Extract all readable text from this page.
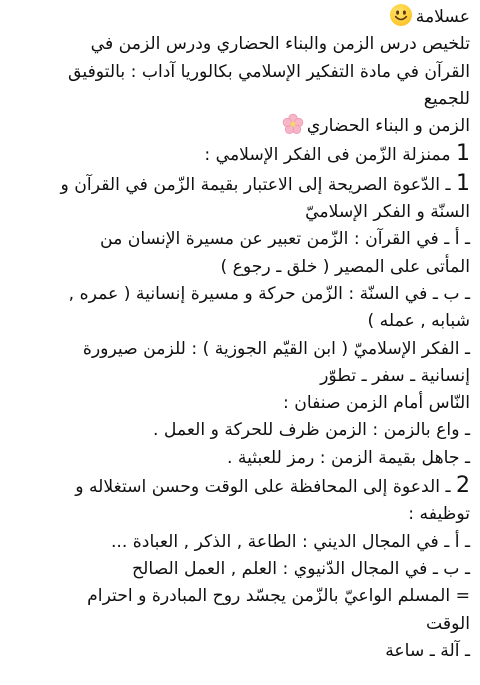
عسلامة
تلخيص درس الزمن والبناء الحضاري ودرس الزمن في
القرآن في مادة التفكير الإسلامي بكالوريا آداب : بالتوفيق
للجميع
الزمن و البناء الحضاري
1 ممنزلة الزّمن فى الفكر الإسلامي :
1 ـ الدّعوة الصريحة إلى الاعتبار بقيمة الزّمن في القرآن و
السنّة و الفكر الإسلاميّ
ـ أ ـ في القرآن : الزّمن تعبير عن مسيرة الإنسان من
المأتى على المصير ( خلق ـ رجوع )
ـ ب ـ في السنّة : الزّمن حركة و مسيرة إنسانية ( عمره ,
شبابه , عمله )
ـ الفكر الإسلاميّ ( ابن القيّم الجوزية ) : للزمن صيرورة
إنسانية ـ سفر ـ تطوّر
النّاس أمام الزمن صنفان :
ـ واع بالزمن : الزمن ظرف للحركة و العمل .
ـ جاهل بقيمة الزمن : رمز للعبثية .
2 ـ الدعوة إلى المحافظة على الوقت وحسن استغلاله و
توظيفه :
ـ أ ـ في المجال الديني : الطاعة , الذكر , العبادة ...
ـ ب ـ في المجال الدّنيوي : العلم , العمل الصالح
= المسلم الواعيّ بالزّمن يجسّد روح المبادرة و احترام
الوقت
ـ آلة ـ ساعة
